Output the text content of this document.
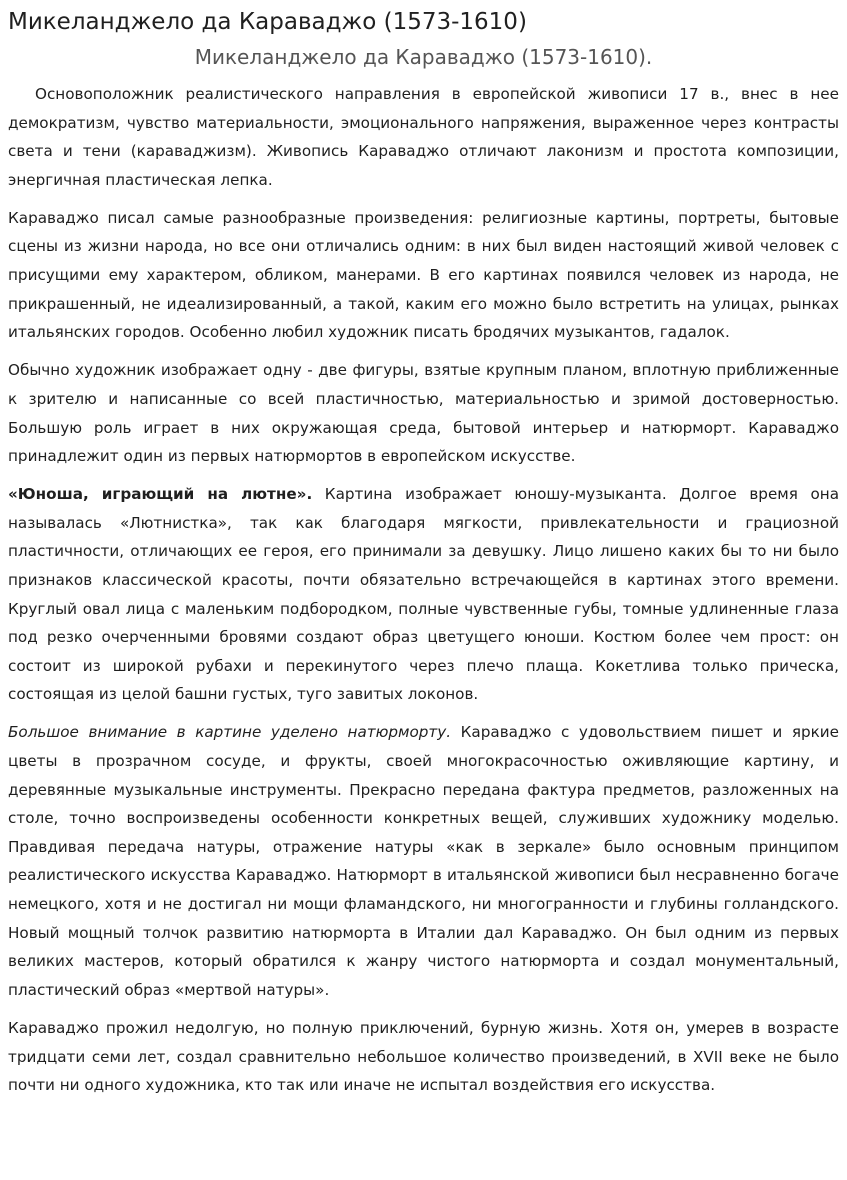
Микеланджело да Караваджо (1573-1610)
Микеланджело да Караваджо (1573-1610).

Основоположник реалистического направления в европейской живописи 17 в., внес в нее демократизм, чувство материальности, эмоционального напряжения, выраженное через контрасты света и тени (караваджизм). Живопись Караваджо отличают лаконизм и простота композиции, энергичная пластическая лепка.

Караваджо писал самые разнообразные произведения: религиозные картины, портреты, бытовые сцены из жизни народа, но все они отличались одним: в них был виден настоящий живой человек с присущими ему характером, обликом, манерами. В его картинах появился человек из народа, не прикрашенный, не идеализированный, а такой, каким его можно было встретить на улицах, рынках итальянских городов. Особенно любил художник писать бродячих музыкантов, гадалок.

Обычно художник изображает одну - две фигуры, взятые крупным планом, вплотную приближенные к зрителю и написанные со всей пластичностью, материальностью и зримой достоверностью. Большую роль играет в них окружающая среда, бытовой интерьер и натюрморт. Караваджо принадлежит один из первых натюрмортов в европейском искусстве.

«Юноша, играющий на лютне». Картина изображает юношу-музыканта. Долгое время она называлась «Лютнистка», так как благодаря мягкости, привлекательности и грациозной пластичности, отличающих ее героя, его принимали за девушку. Лицо лишено каких бы то ни было признаков классической красоты, почти обязательно встречающейся в картинах этого времени. Круглый овал лица с маленьким подбородком, полные чувственные губы, томные удлиненные глаза под резко очерченными бровями создают образ цветущего юноши. Костюм более чем прост: он состоит из широкой рубахи и перекинутого через плечо плаща. Кокетлива только прическа, состоящая из целой башни густых, туго завитых локонов.

Большое внимание в картине уделено натюрморту. Караваджо с удовольствием пишет и яркие цветы в прозрачном сосуде, и фрукты, своей многокрасочностью оживляющие картину, и деревянные музыкальные инструменты. Прекрасно передана фактура предметов, разложенных на столе, точно воспроизведены особенности конкретных вещей, служивших художнику моделью. Правдивая передача натуры, отражение натуры «как в зеркале» было основным принципом реалистического искусства Караваджо. Натюрморт в итальянской живописи был несравненно богаче немецкого, хотя и не достигал ни мощи фламандского, ни многогранности и глубины голландского. Новый мощный толчок развитию натюрморта в Италии дал Караваджо. Он был одним из первых великих мастеров, который обратился к жанру чистого натюрморта и создал монументальный, пластический образ «мертвой натуры».

Караваджо прожил недолгую, но полную приключений, бурную жизнь. Хотя он, умерев в возрасте тридцати семи лет, создал сравнительно небольшое количество произведений, в XVII веке не было почти ни одного художника, кто так или иначе не испытал воздействия его искусства.
